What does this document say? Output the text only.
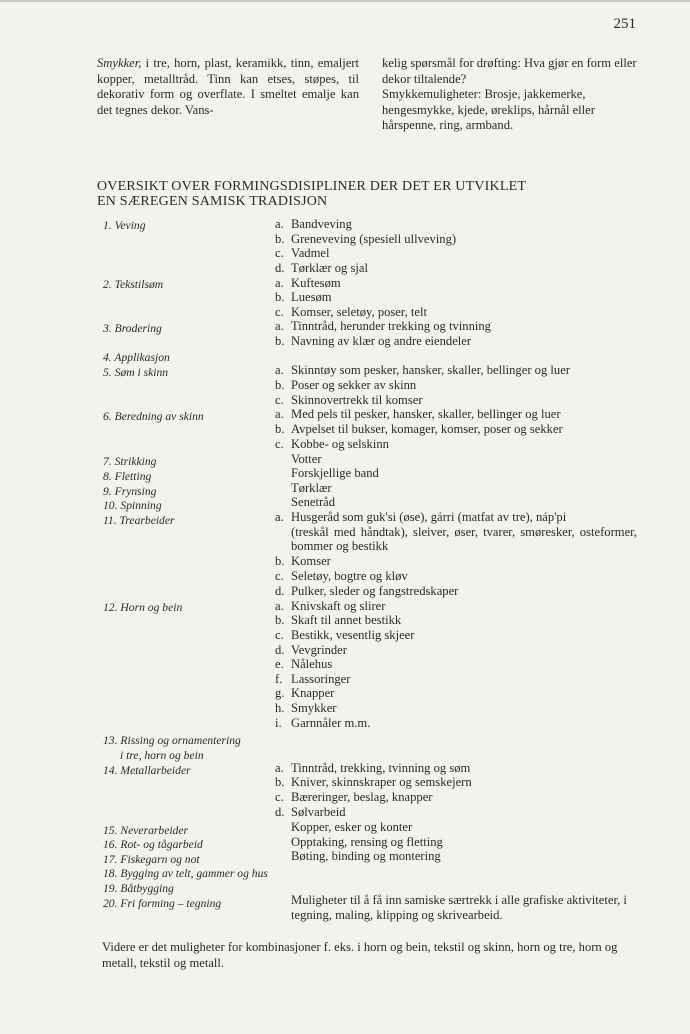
251

Smykker, i tre, horn, plast, keramikk, tinn, emaljert kopper, metalltråd. Tinn kan etses, støpes, til dekorativ form og overflate. I smeltet emalje kan det tegnes dekor. Vans-

kelig spørsmål for drøfting: Hva gjør en form eller dekor tiltalende?

Smykkemuligheter: Brosje, jakkemerke, hengesmykke, kjede, øreklips, hårnål eller hårspenne, ring, armband.

OVERSIKT OVER FORMINGSDISIPLINER DER DET ER UTVIKLET
EN SÆREGEN SAMISK TRADISJON
1. Veving
2. Tekstilsøm
3. Brodering
4. Applikasjon
5. Søm i skinn
6. Beredning av skinn
7. Strikking
8. Fletting
9. Frynsing
10. Spinning
11. Trearbeider
12. Horn og bein
13. Rissing og ornamentering
i tre, horn og bein
14. Metallarbeider
15. Neverarbeider
16. Rot- og tågarbeid
17. Fiskegarn og not
18. Bygging av telt, gammer og hus
19. Båtbygging
20. Fri forming – tegning
a. Bandveving
b. Greneveving (spesiell ullveving)
c. Vadmel
d. Tørklær og sjal
a. Kuftesøm
b. Luesøm
c. Komser, seletøy, poser, telt
a. Tinntråd, herunder trekking og tvinning
b. Navning av klær og andre eiendeler
a. Skinntøy som pesker, hansker, skaller, bellinger og luer
b. Poser og sekker av skinn
c. Skinnovertrekk til komser
a. Med pels til pesker, hansker, skaller, bellinger og luer
b. Avpelset til bukser, komager, komser, poser og sekker
c. Kobbe- og selskinn
Votter
Forskjellige band
Tørklær
Senetråd
a. Husgeråd som guk'si (øse), gárri (matfat av tre), náp'pi
(treskål med håndtak), sleiver, øser, tvarer, smøresker, osteformer, bommer og bestikk
b. Komser
c. Seletøy, bogtre og kløv
d. Pulker, sleder og fangstredskaper
a. Knivskaft og slirer
b. Skaft til annet bestikk
c. Bestikk, vesentlig skjeer
d. Vevgrinder
e. Nålehus
f. Lassoringer
g. Knapper
h. Smykker
i. Garnnåler m.m.
a. Tinntråd, trekking, tvinning og søm
b. Kniver, skinnskraper og semskejern
c. Bæreringer, beslag, knapper
d. Sølvarbeid
Kopper, esker og konter
Opptaking, rensing og fletting
Bøting, binding og montering
Muligheter til å få inn samiske særtrekk i alle grafiske aktiviteter, i tegning, maling, klipping og skrivearbeid.
Videre er det muligheter for kombinasjoner f. eks. i horn og bein, tekstil og skinn, horn og tre, horn og metall, tekstil og metall.
